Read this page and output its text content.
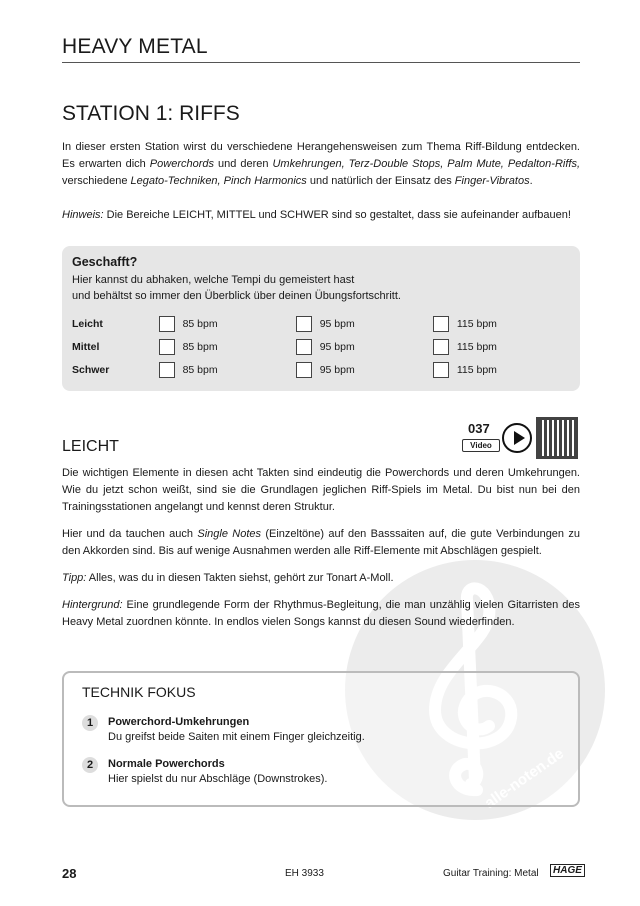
alle-noten.de
HEAVY METAL
STATION 1: RIFFS
In dieser ersten Station wirst du verschiedene Herangehensweisen zum Thema Riff-Bildung entdecken. Es erwarten dich Powerchords und deren Umkehrungen, Terz-Double Stops, Palm Mute, Pedalton-Riffs, verschiedene Legato-Techniken, Pinch Harmonics und natürlich der Einsatz des Finger-Vibratos.
Hinweis: Die Bereiche LEICHT, MITTEL und SCHWER sind so gestaltet, dass sie aufeinander aufbauen!
Geschafft?
Hier kannst du abhaken, welche Tempi du gemeistert hast
und behältst so immer den Überblick über deinen Übungsfortschritt.
Leicht	85 bpm	95 bpm	115 bpm
Mittel	85 bpm	95 bpm	115 bpm
Schwer	85 bpm	95 bpm	115 bpm
LEICHT
037
Video
Die wichtigen Elemente in diesen acht Takten sind eindeutig die Powerchords und deren Umkehrungen. Wie du jetzt schon weißt, sind sie die Grundlagen jeglichen Riff-Spiels im Metal. Du bist nun bei den Trainingsstationen angelangt und kennst deren Struktur.
Hier und da tauchen auch Single Notes (Einzeltöne) auf den Basssaiten auf, die gute Verbindungen zu den Akkorden sind. Bis auf wenige Ausnahmen werden alle Riff-Elemente mit Abschlägen gespielt.
Tipp: Alles, was du in diesen Takten siehst, gehört zur Tonart A-Moll.
Hintergrund: Eine grundlegende Form der Rhythmus-Begleitung, die man unzählig vielen Gitarristen des Heavy Metal zuordnen könnte. In endlos vielen Songs kannst du diesen Sound wiederfinden.
TECHNIK FOKUS
1	Powerchord-Umkehrungen
Du greifst beide Saiten mit einem Finger gleichzeitig.
2	Normale Powerchords
Hier spielst du nur Abschläge (Downstrokes).
28	EH 3933	Guitar Training: Metal	HAGE
